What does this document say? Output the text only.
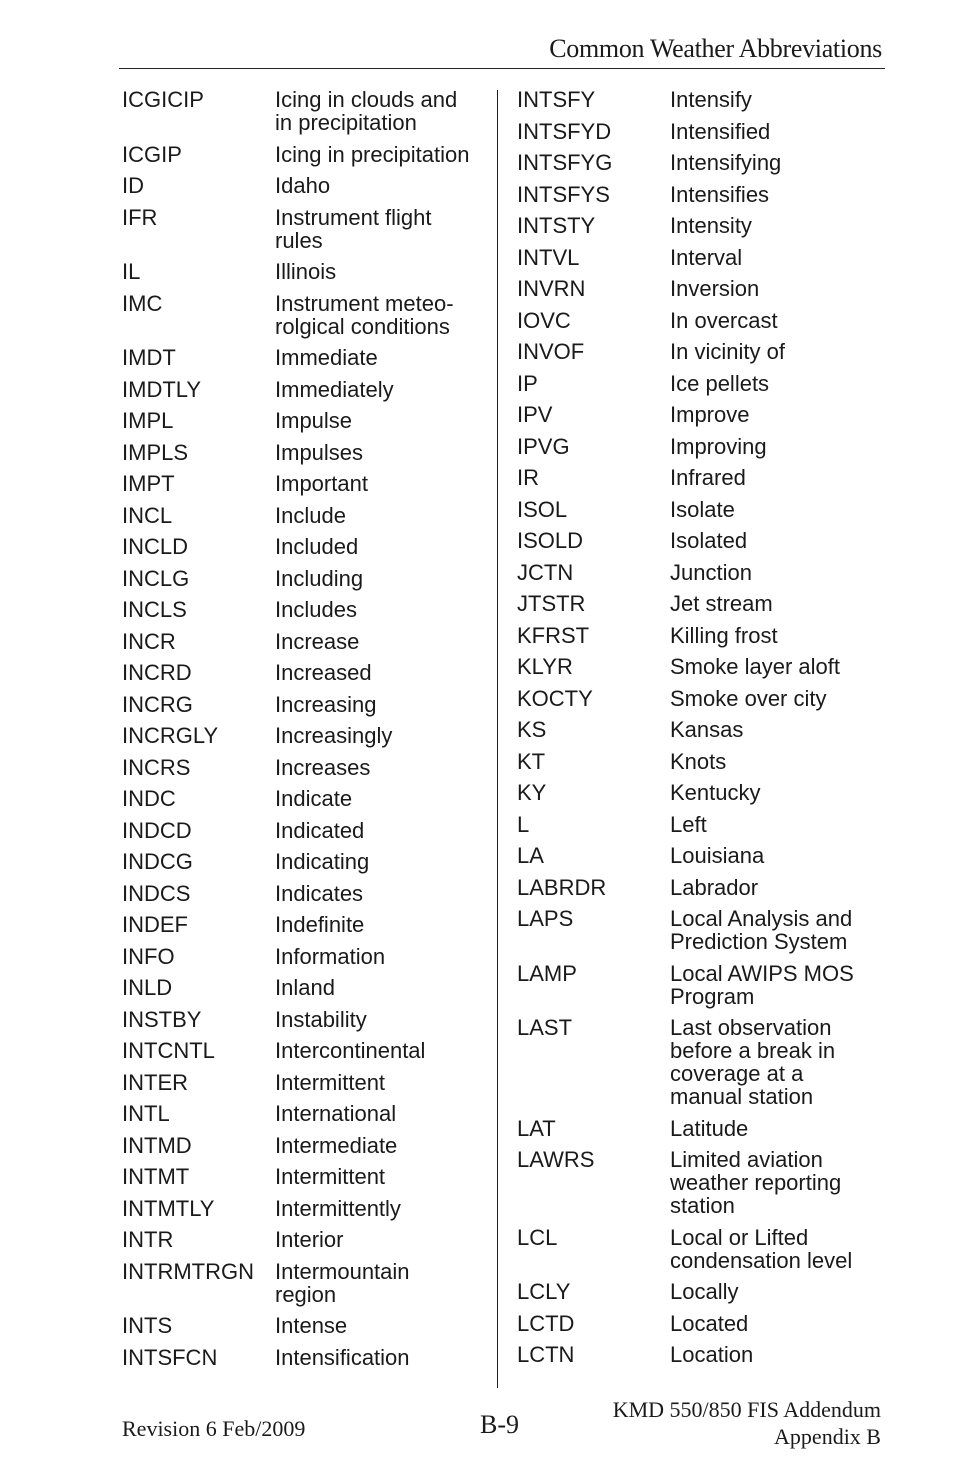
Common Weather Abbreviations
ICGICIP	Icing in clouds and
in precipitation
ICGIP	Icing in precipitation
ID	Idaho
IFR	Instrument flight
rules
IL	Illinois
IMC	Instrument meteo-
rolgical conditions
IMDT	Immediate
IMDTLY	Immediately
IMPL	Impulse
IMPLS	Impulses
IMPT	Important
INCL	Include
INCLD	Included
INCLG	Including
INCLS	Includes
INCR	Increase
INCRD	Increased
INCRG	Increasing
INCRGLY	Increasingly
INCRS	Increases
INDC	Indicate
INDCD	Indicated
INDCG	Indicating
INDCS	Indicates
INDEF	Indefinite
INFO	Information
INLD	Inland
INSTBY	Instability
INTCNTL	Intercontinental
INTER	Intermittent
INTL	International
INTMD	Intermediate
INTMT	Intermittent
INTMTLY	Intermittently
INTR	Interior
INTRMTRGN Intermountain
region
INTS	Intense
INTSFCN	Intensification
INTSFY	Intensify
INTSFYD	Intensified
INTSFYG	Intensifying
INTSFYS	Intensifies
INTSTY	Intensity
INTVL	Interval
INVRN	Inversion
IOVC	In overcast
INVOF	In vicinity of
IP	Ice pellets
IPV	Improve
IPVG	Improving
IR	Infrared
ISOL	Isolate
ISOLD	Isolated
JCTN	Junction
JTSTR	Jet stream
KFRST	Killing frost
KLYR	Smoke layer aloft
KOCTY	Smoke over city
KS	Kansas
KT	Knots
KY	Kentucky
L	Left
LA	Louisiana
LABRDR	Labrador
LAPS	Local Analysis and
Prediction System
LAMP	Local AWIPS MOS
Program
LAST	Last observation
before a break in
coverage at a
manual station
LAT	Latitude
LAWRS	Limited aviation
weather reporting
station
LCL	Local or Lifted
condensation level
LCLY	Locally
LCTD	Located
LCTN	Location
Revision 6 Feb/2009	B-9
KMD 550/850 FIS Addendum
Appendix B
